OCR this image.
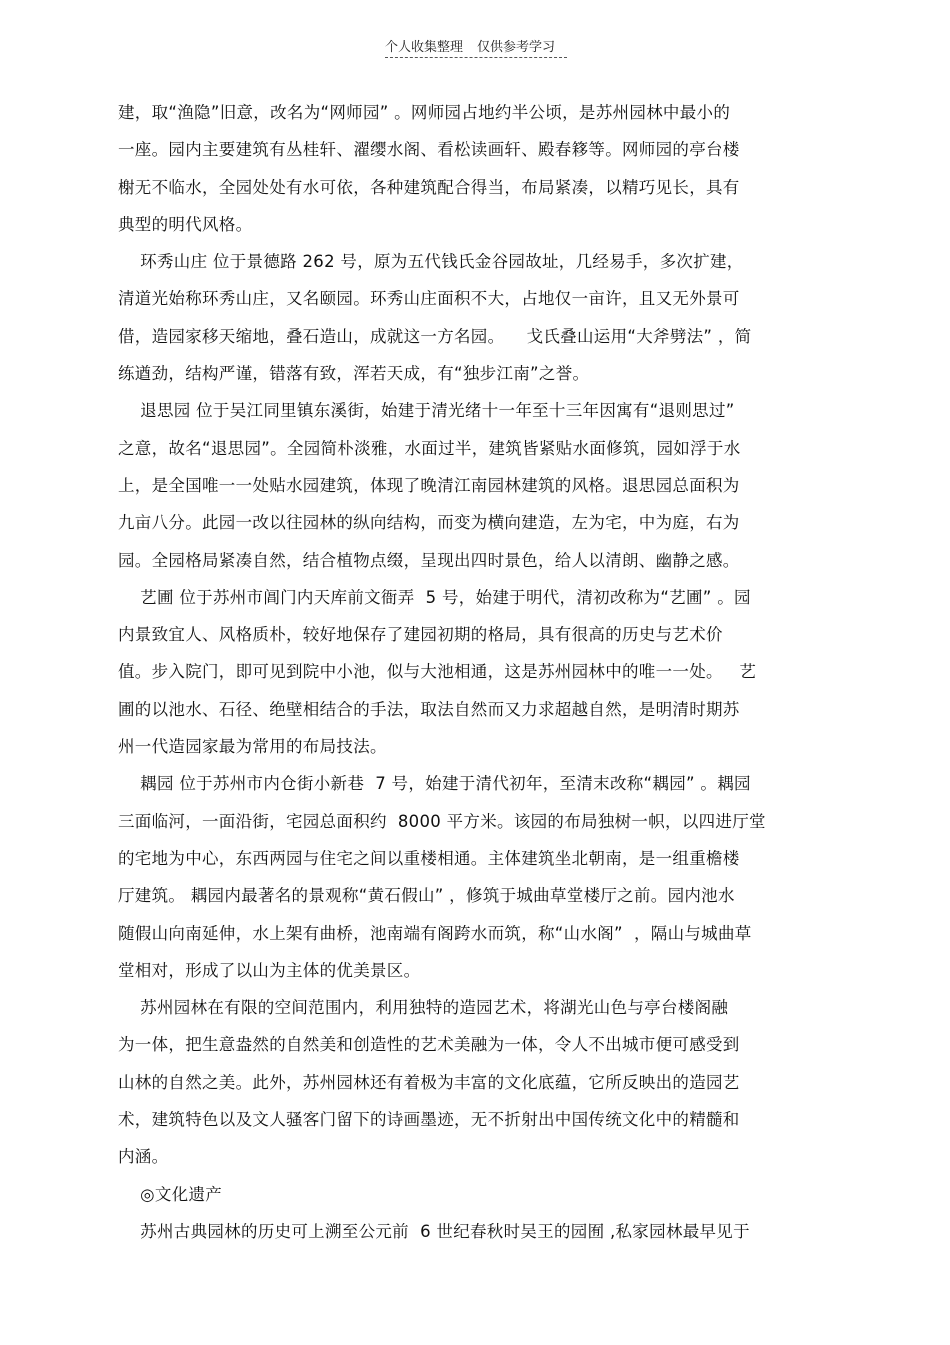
个人收集整理 仅供参考学习
建，取“渔隐”旧意，改名为“网师园” 。网师园占地约半公顷，是苏州园林中最小的
一座。园内主要建筑有丛桂轩、濯缨水阁、看松读画轩、殿春簃等。网师园的亭台楼
榭无不临水，全园处处有水可依，各种建筑配合得当，布局紧凑，以精巧见长，具有
典型的明代风格。
环秀山庄 位于景德路 262 号，原为五代钱氏金谷园故址，几经易手，多次扩建，
清道光始称环秀山庄，又名颐园。环秀山庄面积不大，占地仅一亩许，且又无外景可
借，造园家移天缩地，叠石造山，成就这一方名园。    戈氏叠山运用“大斧劈法” ，简
练遒劲，结构严谨，错落有致，浑若天成，有“独步江南”之誉。
退思园 位于吴江同里镇东溪街，始建于清光绪十一年至十三年因寓有“退则思过”
之意，故名“退思园”。全园简朴淡雅，水面过半，建筑皆紧贴水面修筑，园如浮于水
上，是全国唯一一处贴水园建筑，体现了晚清江南园林建筑的风格。退思园总面积为
九亩八分。此园一改以往园林的纵向结构，而变为横向建造，左为宅，中为庭，右为
园。全园格局紧凑自然，结合植物点缀，呈现出四时景色，给人以清朗、幽静之感。
艺圃 位于苏州市阊门内天库前文衙弄  5 号，始建于明代，清初改称为“艺圃” 。园
内景致宜人、风格质朴，较好地保存了建园初期的格局，具有很高的历史与艺术价
值。步入院门，即可见到院中小池，似与大池相通，这是苏州园林中的唯一一处。   艺
圃的以池水、石径、绝壁相结合的手法，取法自然而又力求超越自然，是明清时期苏
州一代造园家最为常用的布局技法。
耦园 位于苏州市内仓街小新巷  7 号，始建于清代初年，至清末改称“耦园” 。耦园
三面临河，一面沿街，宅园总面积约  8000 平方米。该园的布局独树一帜，以四进厅堂
的宅地为中心，东西两园与住宅之间以重楼相通。主体建筑坐北朝南，是一组重檐楼
厅建筑。 耦园内最著名的景观称“黄石假山” ，修筑于城曲草堂楼厅之前。园内池水
随假山向南延伸，水上架有曲桥，池南端有阁跨水而筑，称“山水阁”  ，隔山与城曲草
堂相对，形成了以山为主体的优美景区。
苏州园林在有限的空间范围内，利用独特的造园艺术，将湖光山色与亭台楼阁融
为一体，把生意盎然的自然美和创造性的艺术美融为一体，令人不出城市便可感受到
山林的自然之美。此外，苏州园林还有着极为丰富的文化底蕴，它所反映出的造园艺
术，建筑特色以及文人骚客门留下的诗画墨迹，无不折射出中国传统文化中的精髓和
内涵。
◎文化遗产
苏州古典园林的历史可上溯至公元前  6 世纪春秋时吴王的园囿 ,私家园林最早见于
